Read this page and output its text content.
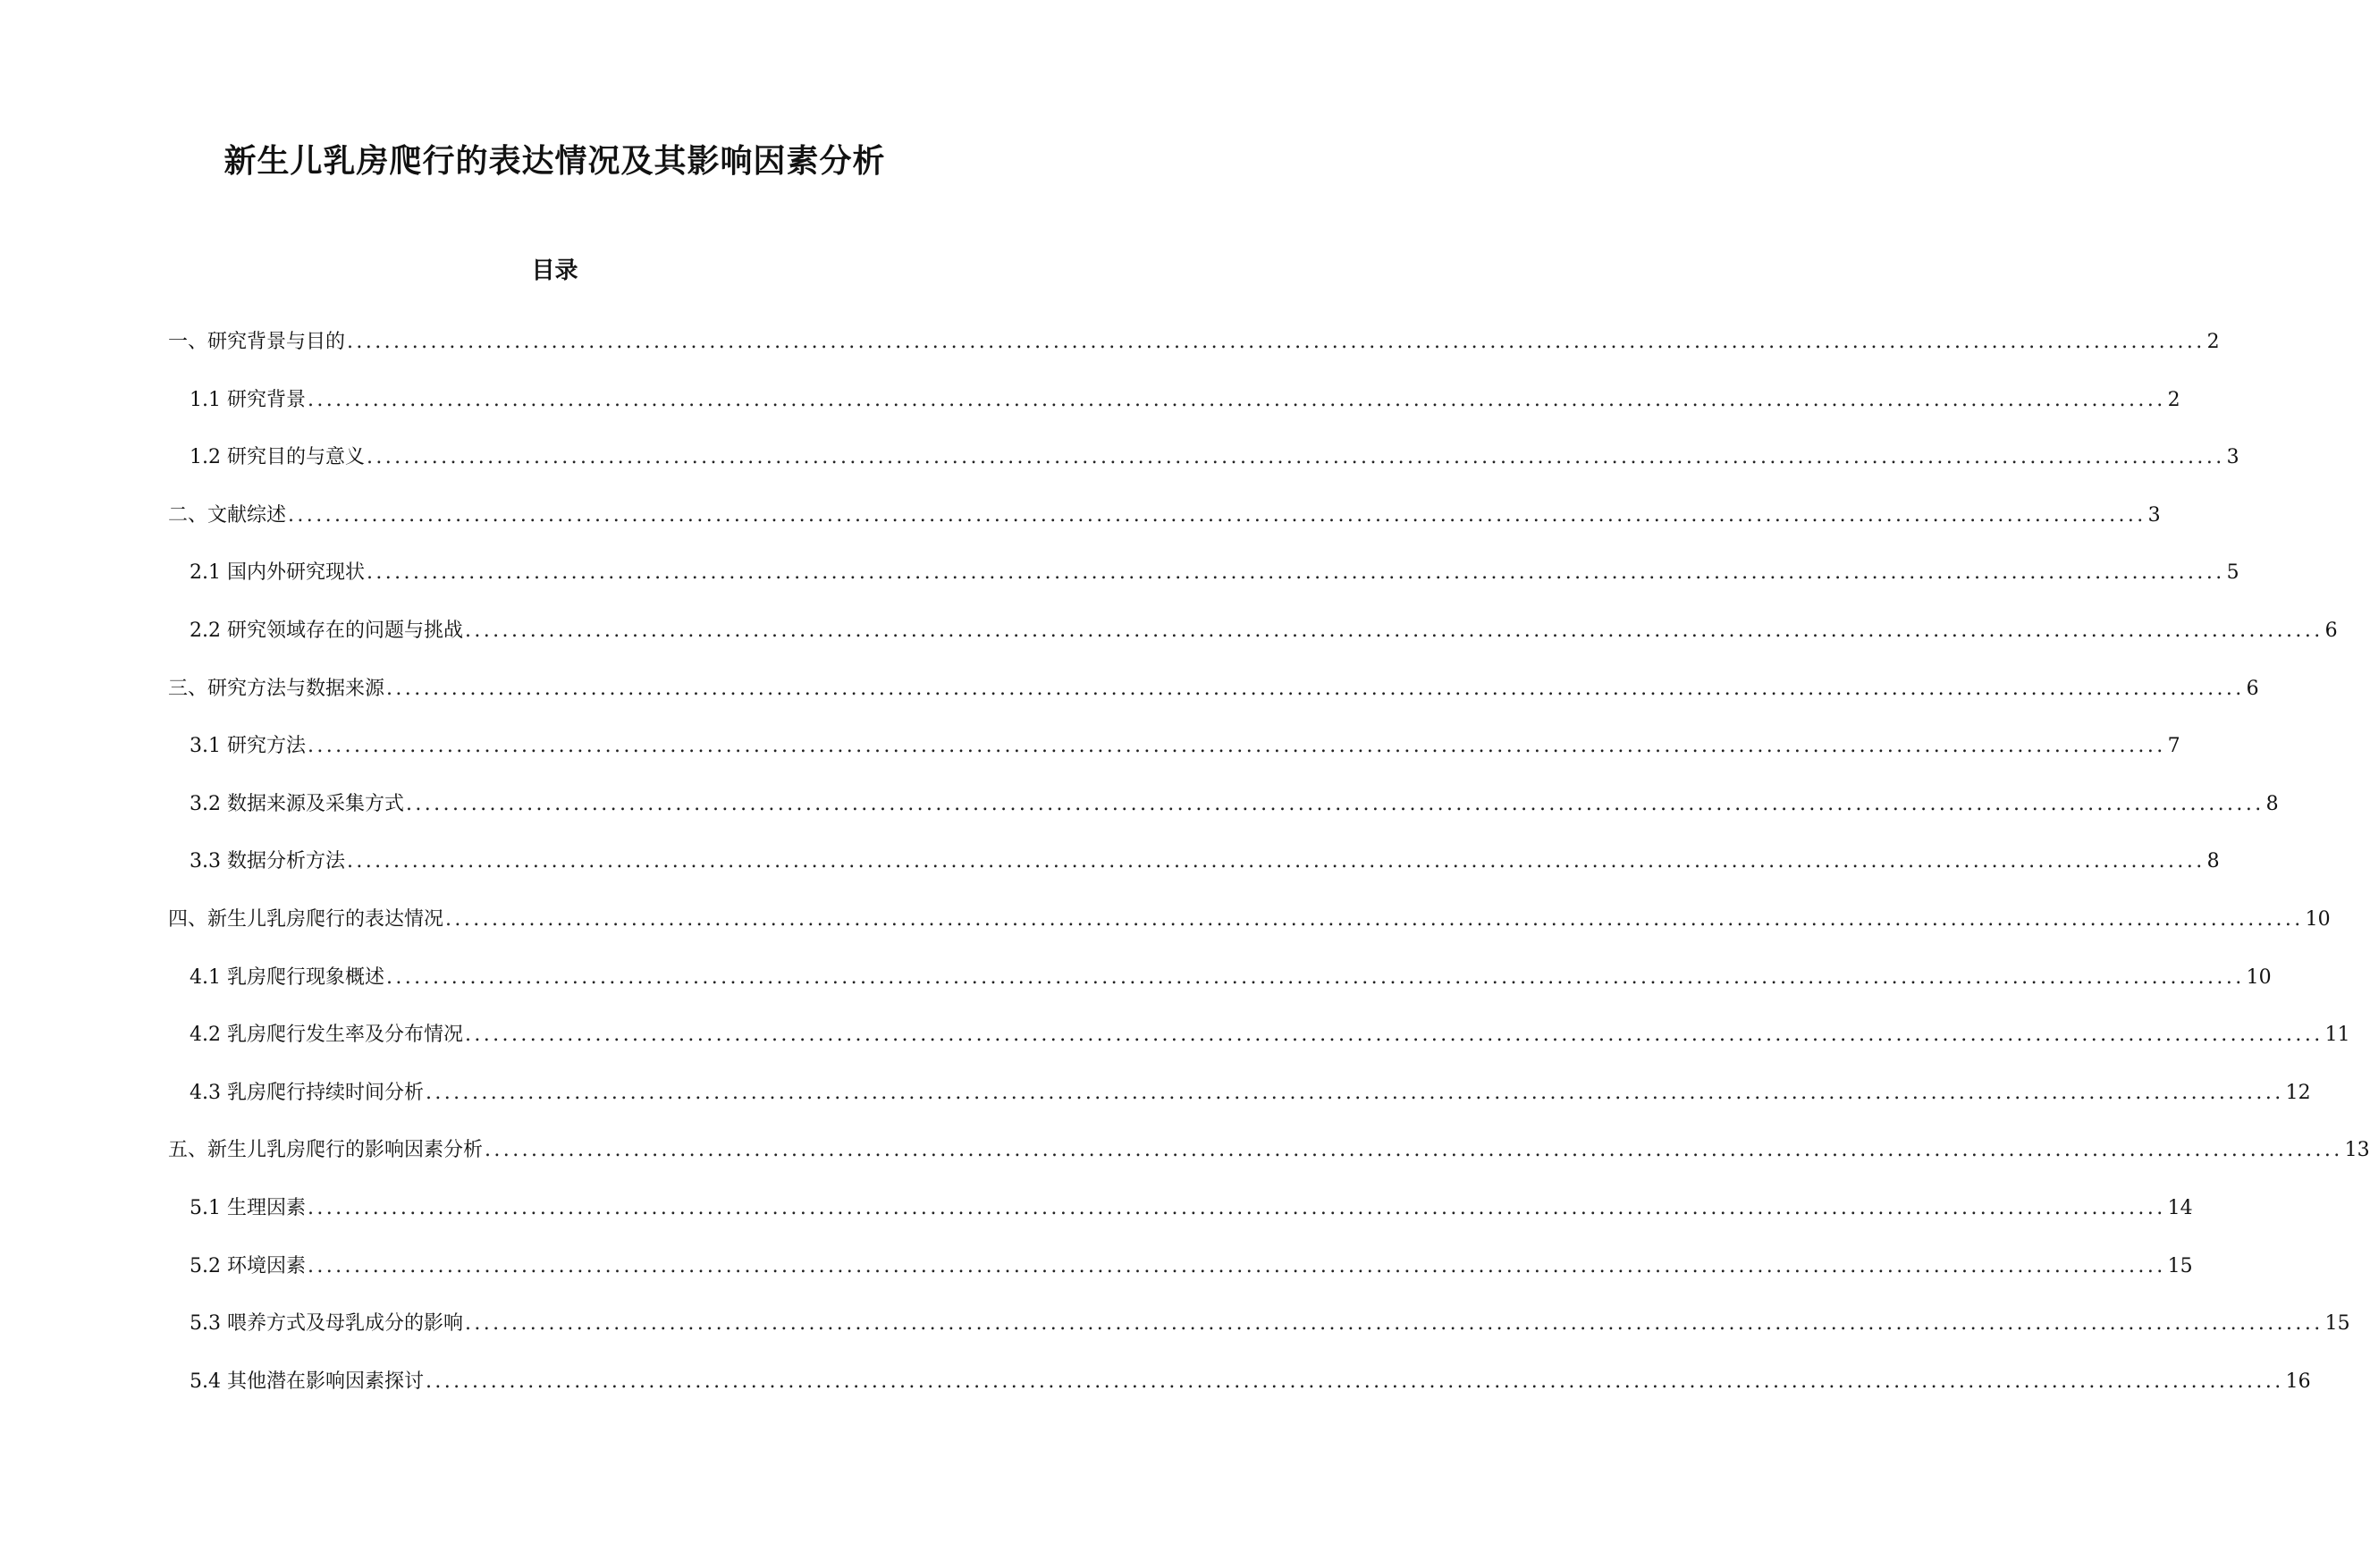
新生儿乳房爬行的表达情况及其影响因素分析
目录
一、研究背景与目的 ........................................................................................................................................................................................................ 2
1.1 研究背景 ........................................................................................................................................................................................................ 2
1.2 研究目的与意义 ........................................................................................................................................................................................................ 3
二、文献综述 ........................................................................................................................................................................................................ 3
2.1 国内外研究现状 ........................................................................................................................................................................................................ 5
2.2 研究领域存在的问题与挑战 ........................................................................................................................................................................................................ 6
三、研究方法与数据来源 ........................................................................................................................................................................................................ 6
3.1 研究方法 ........................................................................................................................................................................................................ 7
3.2 数据来源及采集方式 ........................................................................................................................................................................................................ 8
3.3 数据分析方法 ........................................................................................................................................................................................................ 8
四、新生儿乳房爬行的表达情况 ........................................................................................................................................................................................................ 10
4.1 乳房爬行现象概述 ........................................................................................................................................................................................................ 10
4.2 乳房爬行发生率及分布情况 ........................................................................................................................................................................................................ 11
4.3 乳房爬行持续时间分析 ........................................................................................................................................................................................................ 12
五、新生儿乳房爬行的影响因素分析 ........................................................................................................................................................................................................ 13
5.1 生理因素 ........................................................................................................................................................................................................ 14
5.2 环境因素 ........................................................................................................................................................................................................ 15
5.3 喂养方式及母乳成分的影响 ........................................................................................................................................................................................................ 15
5.4 其他潜在影响因素探讨 ........................................................................................................................................................................................................ 16
